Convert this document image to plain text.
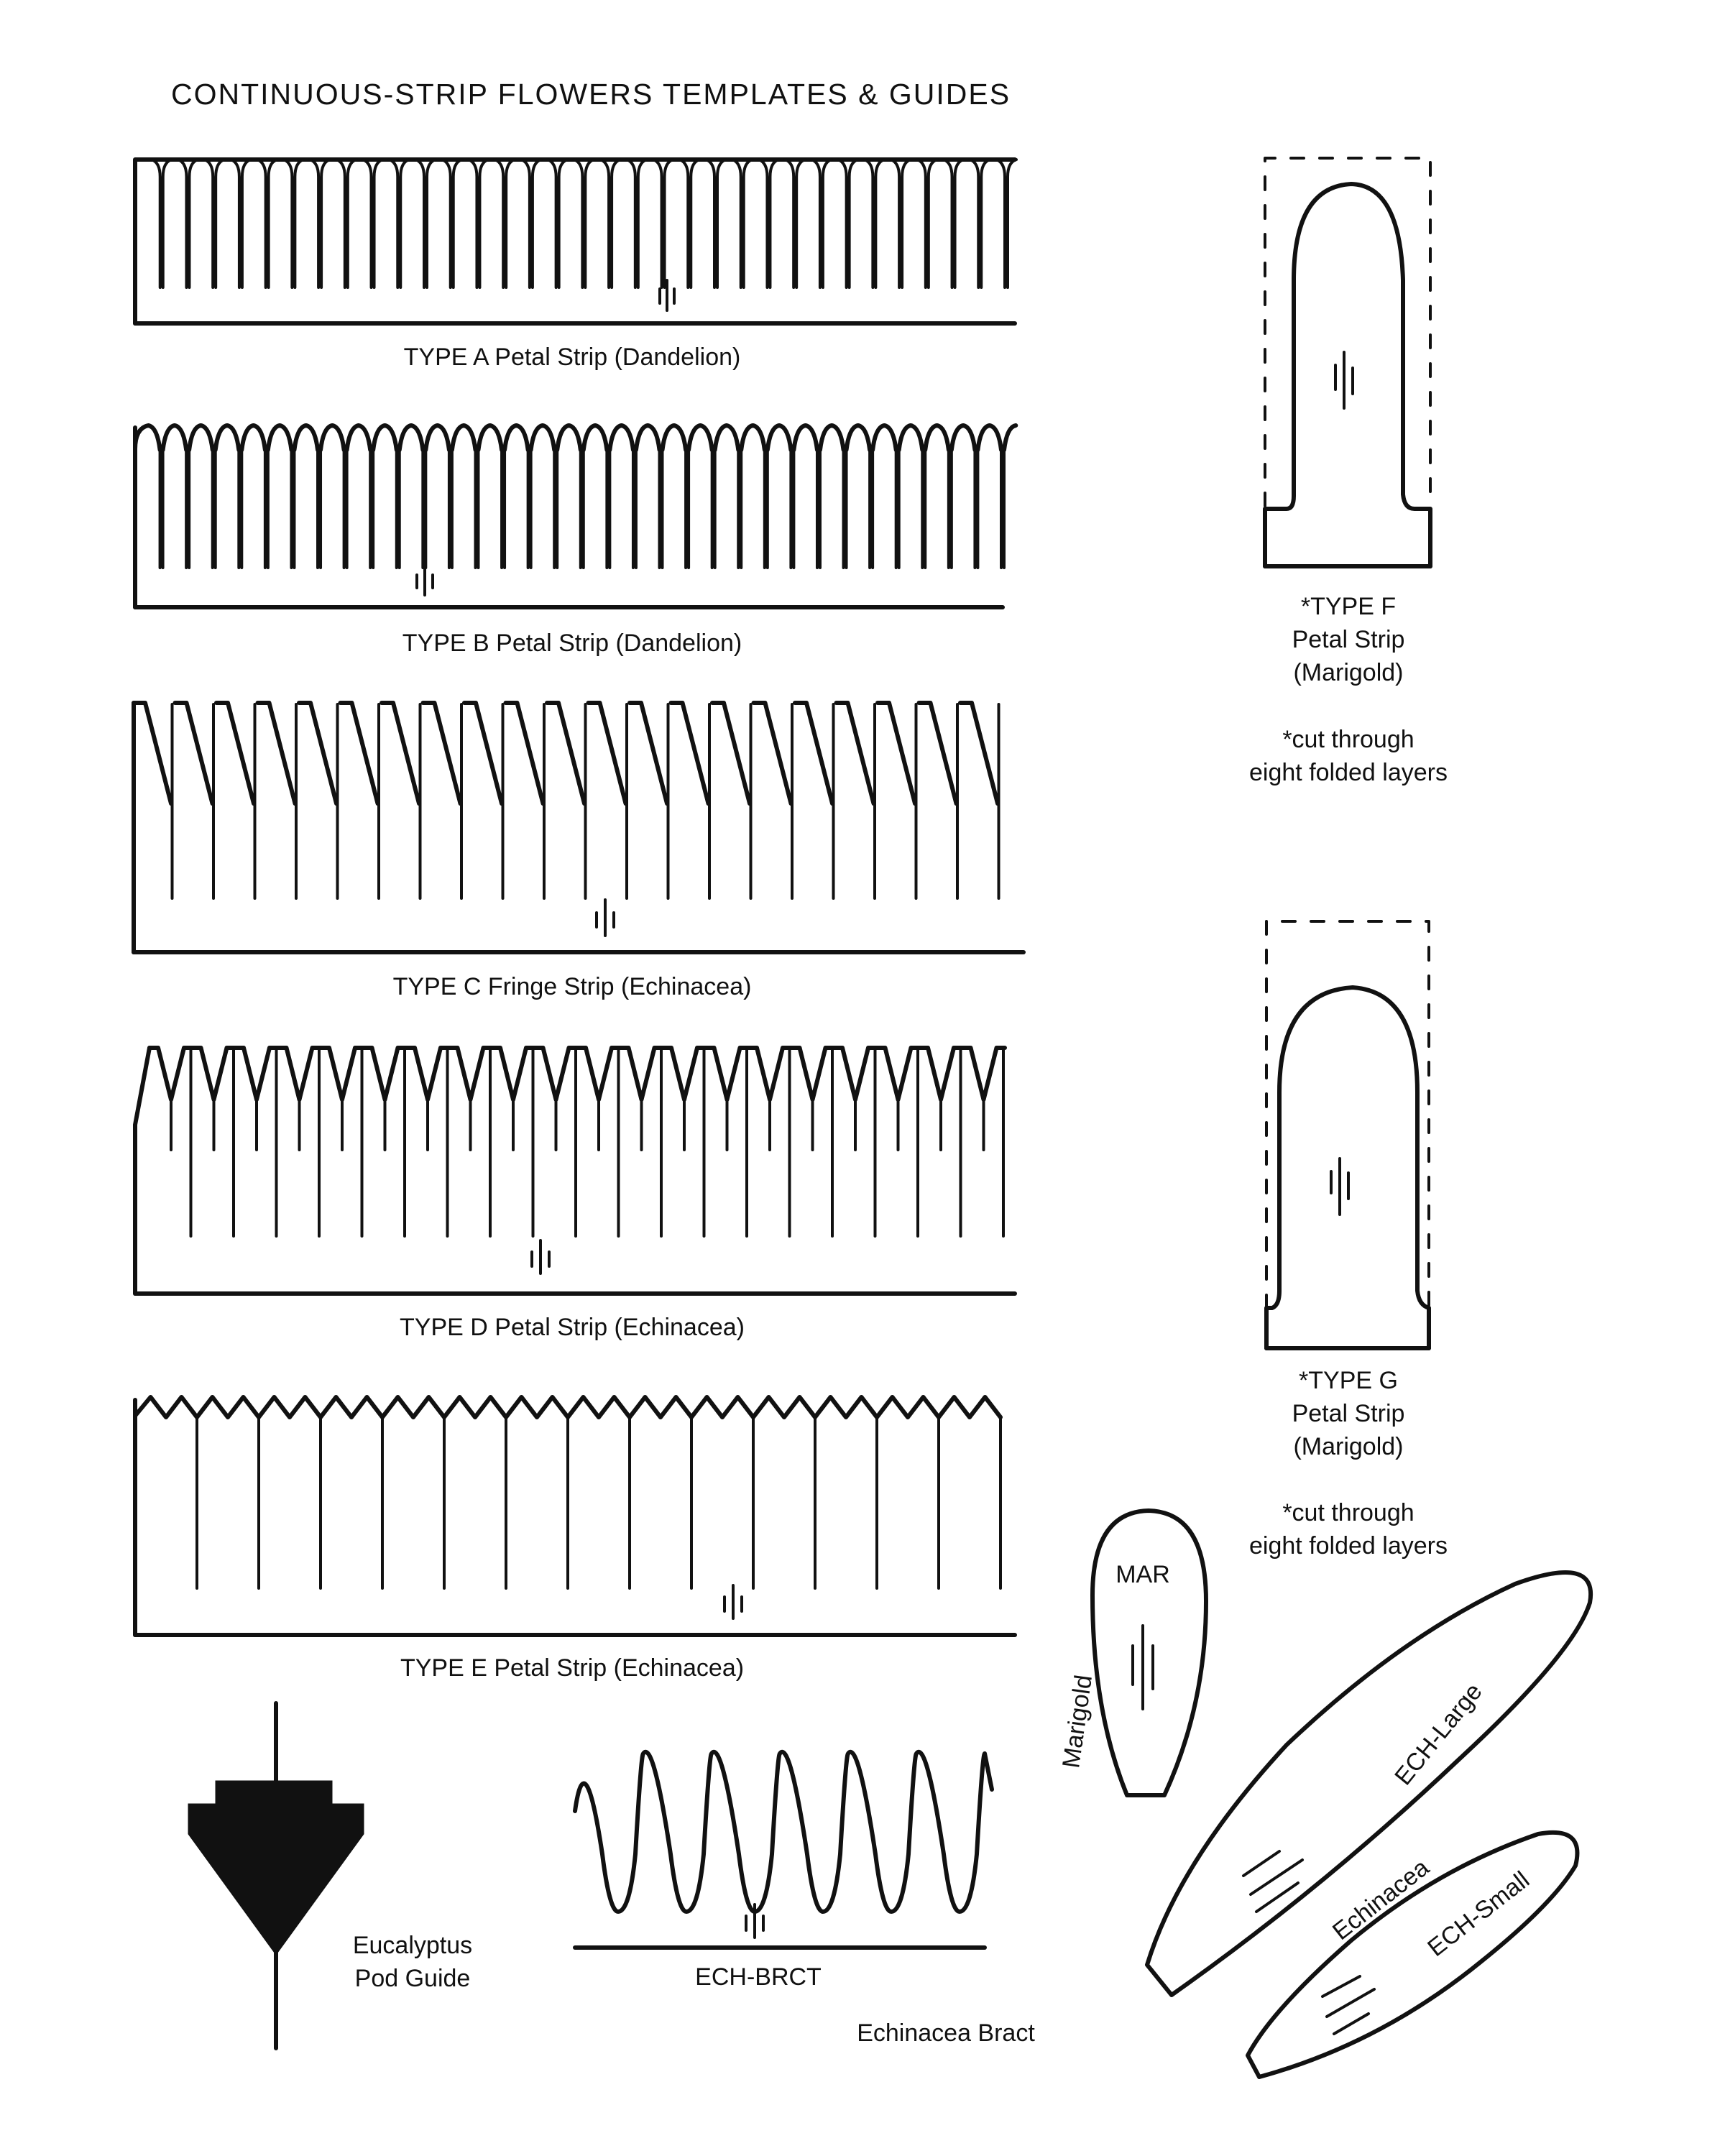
CONTINUOUS-STRIP FLOWERS TEMPLATES & GUIDES
TYPE A Petal Strip (Dandelion)
TYPE B Petal Strip (Dandelion)
TYPE C Fringe Strip (Echinacea)
TYPE D Petal Strip (Echinacea)
TYPE E Petal Strip (Echinacea)
*TYPE F
Petal Strip
(Marigold)
*cut through
eight folded layers
*TYPE G
Petal Strip
(Marigold)
*cut through
eight folded layers
Eucalyptus
Pod Guide	ECH-BRCT
Echinacea Bract
MAR
Marigold	ECH-Large
ECH-Small
Echinacea
